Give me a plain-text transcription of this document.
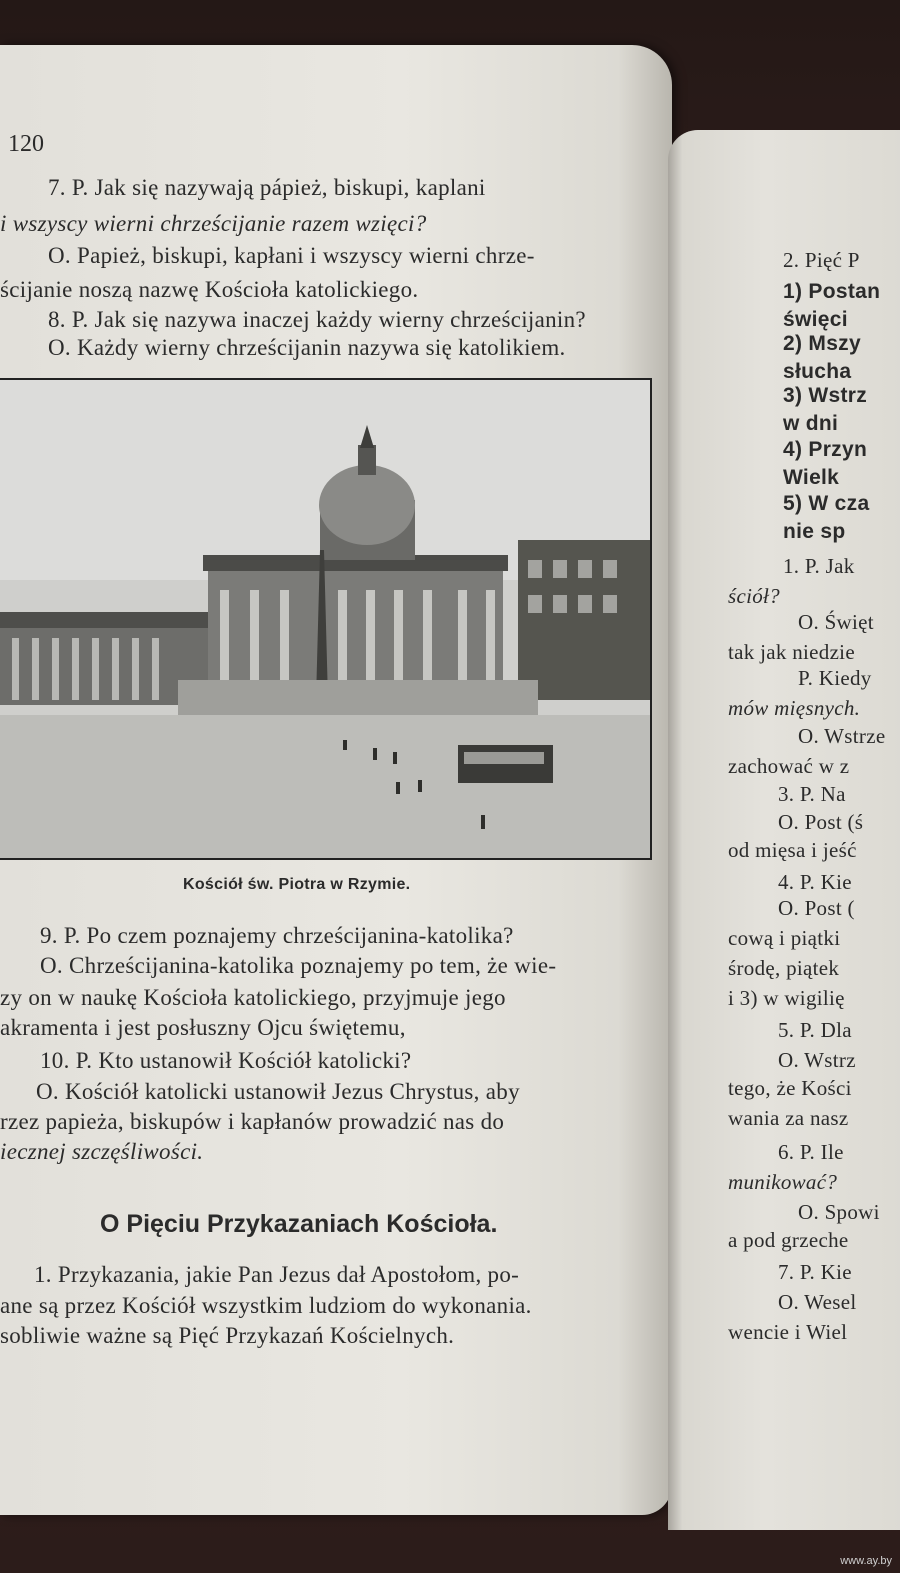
120
7. P. Jak się nazywają pápież, biskupi, kaplani
i wszyscy wierni chrześcijanie razem wzięci?
O. Papież, biskupi, kapłani i wszyscy wierni chrze-
ścijanie noszą nazwę Kościoła katolickiego.
8. P. Jak się nazywa inaczej każdy wierny chrześcijanin?
O. Każdy wierny chrześcijanin nazywa się katolikiem.
Kościół św. Piotra w Rzymie.
9. P. Po czem poznajemy chrześcijanina-katolika?
O. Chrześcijanina-katolika poznajemy po tem, że wie-
zy on w naukę Kościoła katolickiego, przyjmuje jego
akramenta i jest posłuszny Ojcu świętemu,
10. P. Kto ustanowił Kościół katolicki?
O. Kościół katolicki ustanowił Jezus Chrystus, aby
rzez papieża, biskupów i kapłanów prowadzić nas do
iecznej szczęśliwości.
O Pięciu Przykazaniach Kościoła.
1. Przykazania, jakie Pan Jezus dał Apostołom, po-
ane są przez Kościół wszystkim ludziom do wykonania.
sobliwie ważne są Pięć Przykazań Kościelnych.
2. Pięć P
1) Postan
święci
2) Mszy
słucha
3) Wstrz
w dni
4) Przyn
Wielk
5) W cza
nie sp
1. P. Jak
ściół?
O. Święt
tak jak niedzie
P. Kiedy
mów mięsnych.
O. Wstrze
zachować w z
3. P. Na
O. Post (ś
od mięsa i jeść
4. P. Kie
O. Post (
cową i piątki
środę, piątek
i 3) w wigilię
5. P. Dla
O. Wstrz
tego, że Kości
wania za nasz
6. P. Ile
munikować?
O. Spowi
a pod grzeche
7. P. Kie
O. Wesel
wencie i Wiel
www.ay.by
